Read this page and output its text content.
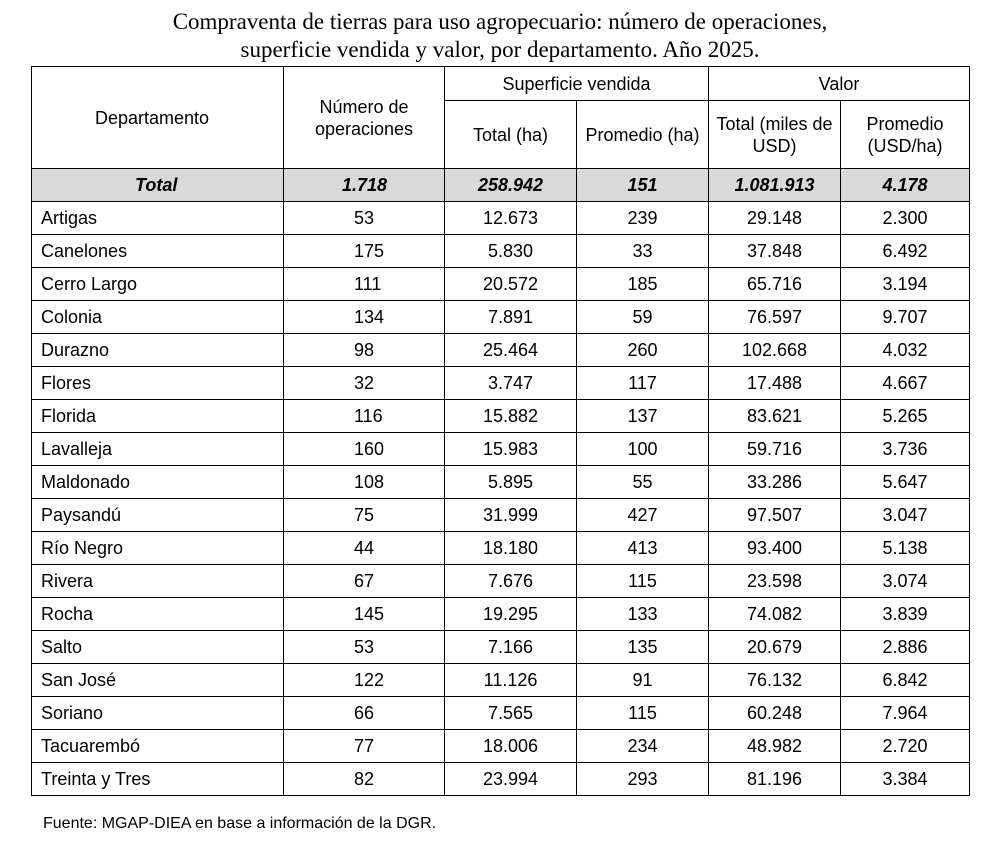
Compraventa de tierras para uso agropecuario: número de operaciones,
superficie vendida y valor, por departamento. Año 2025.
Departamento	Número de operaciones	Superficie vendida		Valor	
		Total (ha)	Promedio (ha)	Total (miles de USD)	Promedio (USD/ha)
Total	1.718	258.942	151	1.081.913	4.178
Artigas	53	12.673	239	29.148	2.300
Canelones	175	5.830	33	37.848	6.492
Cerro Largo	111	20.572	185	65.716	3.194
Colonia	134	7.891	59	76.597	9.707
Durazno	98	25.464	260	102.668	4.032
Flores	32	3.747	117	17.488	4.667
Florida	116	15.882	137	83.621	5.265
Lavalleja	160	15.983	100	59.716	3.736
Maldonado	108	5.895	55	33.286	5.647
Paysandú	75	31.999	427	97.507	3.047
Río Negro	44	18.180	413	93.400	5.138
Rivera	67	7.676	115	23.598	3.074
Rocha	145	19.295	133	74.082	3.839
Salto	53	7.166	135	20.679	2.886
San José	122	11.126	91	76.132	6.842
Soriano	66	7.565	115	60.248	7.964
Tacuarembó	77	18.006	234	48.982	2.720
Treinta y Tres	82	23.994	293	81.196	3.384
Fuente: MGAP-DIEA en base a información de la DGR.
